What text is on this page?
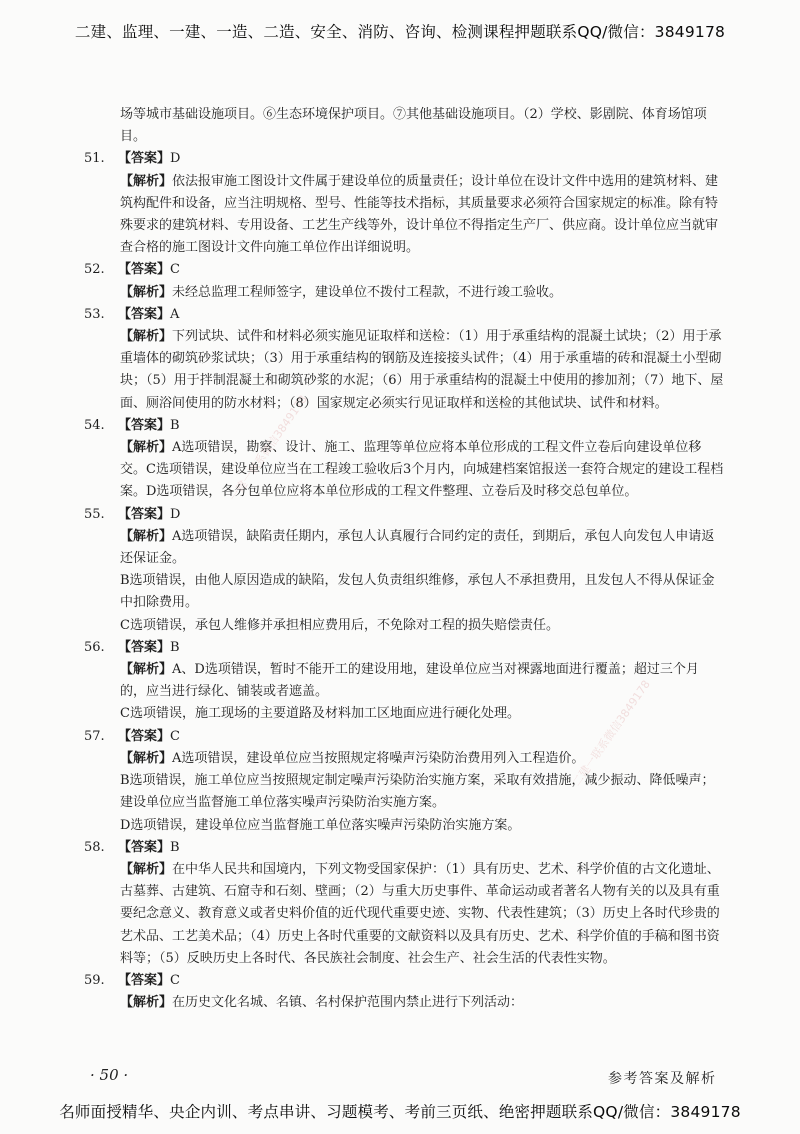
二建、监理、一建、一造、二造、安全、消防、咨询、检测课程押题联系QQ/微信：3849178
一建一联系微信3849178
二建一联系微信3849178

场等城市基础设施项目。⑥生态环境保护项目。⑦其他基础设施项目。（2）学校、影剧院、体育场馆项目。

51. 【答案】D
【解析】依法报审施工图设计文件属于建设单位的质量责任；设计单位在设计文件中选用的建筑材料、建筑构配件和设备，应当注明规格、型号、性能等技术指标，其质量要求必须符合国家规定的标准。除有特殊要求的建筑材料、专用设备、工艺生产线等外，设计单位不得指定生产厂、供应商。设计单位应当就审查合格的施工图设计文件向施工单位作出详细说明。
52. 【答案】C
【解析】未经总监理工程师签字，建设单位不拨付工程款，不进行竣工验收。
53. 【答案】A
【解析】下列试块、试件和材料必须实施见证取样和送检：（1）用于承重结构的混凝土试块；（2）用于承重墙体的砌筑砂浆试块；（3）用于承重结构的钢筋及连接接头试件；（4）用于承重墙的砖和混凝土小型砌块；（5）用于拌制混凝土和砌筑砂浆的水泥；（6）用于承重结构的混凝土中使用的掺加剂；（7）地下、屋面、厕浴间使用的防水材料；（8）国家规定必须实行见证取样和送检的其他试块、试件和材料。
54. 【答案】B
【解析】A选项错误，勘察、设计、施工、监理等单位应将本单位形成的工程文件立卷后向建设单位移交。C选项错误，建设单位应当在工程竣工验收后3个月内，向城建档案馆报送一套符合规定的建设工程档案。D选项错误，各分包单位应将本单位形成的工程文件整理、立卷后及时移交总包单位。
55. 【答案】D
【解析】A选项错误，缺陷责任期内，承包人认真履行合同约定的责任，到期后，承包人向发包人申请返还保证金。
B选项错误，由他人原因造成的缺陷，发包人负责组织维修，承包人不承担费用，且发包人不得从保证金中扣除费用。
C选项错误，承包人维修并承担相应费用后，不免除对工程的损失赔偿责任。
56. 【答案】B
【解析】A、D选项错误，暂时不能开工的建设用地，建设单位应当对裸露地面进行覆盖；超过三个月的，应当进行绿化、铺装或者遮盖。
C选项错误，施工现场的主要道路及材料加工区地面应进行硬化处理。
57. 【答案】C
【解析】A选项错误，建设单位应当按照规定将噪声污染防治费用列入工程造价。
B选项错误，施工单位应当按照规定制定噪声污染防治实施方案，采取有效措施，减少振动、降低噪声；建设单位应当监督施工单位落实噪声污染防治实施方案。
D选项错误，建设单位应当监督施工单位落实噪声污染防治实施方案。
58. 【答案】B
【解析】在中华人民共和国境内，下列文物受国家保护：（1）具有历史、艺术、科学价值的古文化遗址、古墓葬、古建筑、石窟寺和石刻、壁画；（2）与重大历史事件、革命运动或者著名人物有关的以及具有重要纪念意义、教育意义或者史料价值的近代现代重要史迹、实物、代表性建筑；（3）历史上各时代珍贵的艺术品、工艺美术品；（4）历史上各时代重要的文献资料以及具有历史、艺术、科学价值的手稿和图书资料等；（5）反映历史上各时代、各民族社会制度、社会生产、社会生活的代表性实物。
59. 【答案】C
【解析】在历史文化名城、名镇、名村保护范围内禁止进行下列活动：
· 50 ·	参考答案及解析
名师面授精华、央企内训、考点串讲、习题模考、考前三页纸、绝密押题联系QQ/微信：3849178
